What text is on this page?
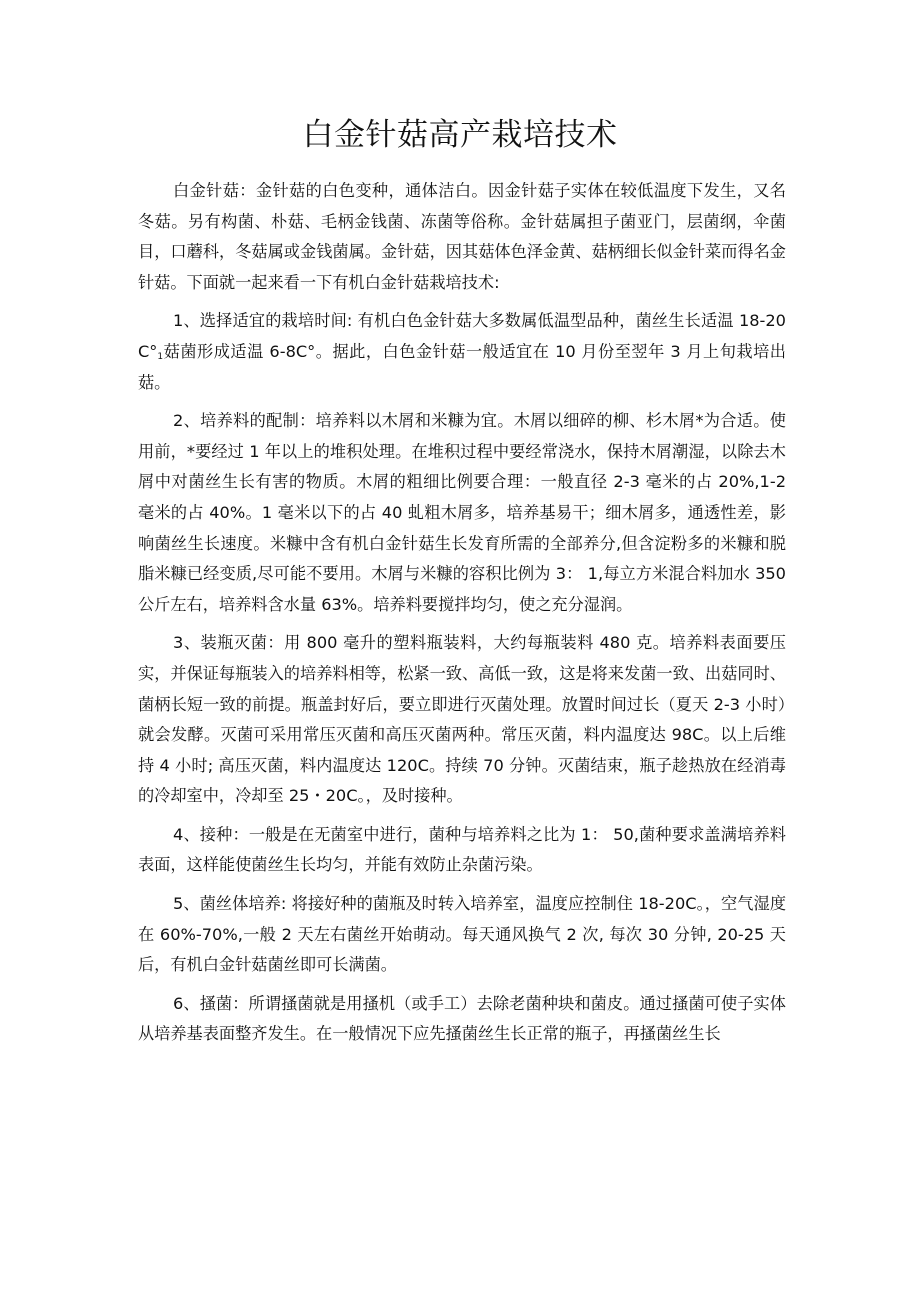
白金针菇高产栽培技术

白金针菇：金针菇的白色变种，通体洁白。因金针菇子实体在较低温度下发生，又名冬菇。另有构菌、朴菇、毛柄金钱菌、冻菌等俗称。金针菇属担子菌亚门，层菌纲，伞菌目，口蘑科，冬菇属或金钱菌属。金针菇，因其菇体色泽金黄、菇柄细长似金针菜而得名金针菇。下面就一起来看一下有机白金针菇栽培技术:

1、选择适宜的栽培时间: 有机白色金针菇大多数属低温型品种，菌丝生长适温 $18-20C^\circ_1$菇菌形成适温 6-8C°。据此，白色金针菇一般适宜在 10 月份至翌年 3 月上旬栽培出菇。

2、培养料的配制：培养料以木屑和米糠为宜。木屑以细碎的柳、杉木屑*为合适。使用前，*要经过 1 年以上的堆积处理。在堆积过程中要经常浇水，保持木屑潮湿，以除去木屑中对菌丝生长有害的物质。木屑的粗细比例要合理：一般直径 2-3 毫米的占 20%,1-2 毫米的占 40%。1 毫米以下的占 40 虬粗木屑多，培养基易干；细木屑多，通透性差，影响菌丝生长速度。米糠中含有机白金针菇生长发育所需的全部养分,但含淀粉多的米糠和脱脂米糠已经变质,尽可能不要用。木屑与米糠的容积比例为 3： 1,每立方米混合料加水 350 公斤左右，培养料含水量 63%。培养料要搅拌均匀，使之充分湿润。

3、装瓶灭菌：用 800 毫升的塑料瓶装料，大约每瓶装料 480 克。培养料表面要压实，并保证每瓶装入的培养料相等，松紧一致、高低一致，这是将来发菌一致、出菇同时、菌柄长短一致的前提。瓶盖封好后，要立即进行灭菌处理。放置时间过长（夏天 2-3 小时）就会发酵。灭菌可采用常压灭菌和高压灭菌两种。常压灭菌，料内温度达 98C。以上后维持 4 小时; 高压灭菌，料内温度达 120C。持续 70 分钟。灭菌结束，瓶子趁热放在经消毒的冷却室中，冷却至 25・20C。，及时接种。

4、接种：一般是在无菌室中进行，菌种与培养料之比为 1： 50,菌种要求盖满培养料表面，这样能使菌丝生长均匀，并能有效防止杂菌污染。

5、菌丝体培养: 将接好种的菌瓶及时转入培养室，温度应控制住 18-20C。，空气湿度在 60%-70%,一般 2 天左右菌丝开始萌动。每天通风换气 2 次, 每次 30 分钟, 20-25 天后，有机白金针菇菌丝即可长满菌。

6、搔菌：所谓搔菌就是用搔机（或手工）去除老菌种块和菌皮。通过搔菌可使子实体从培养基表面整齐发生。在一般情况下应先搔菌丝生长正常的瓶子，再搔菌丝生长
